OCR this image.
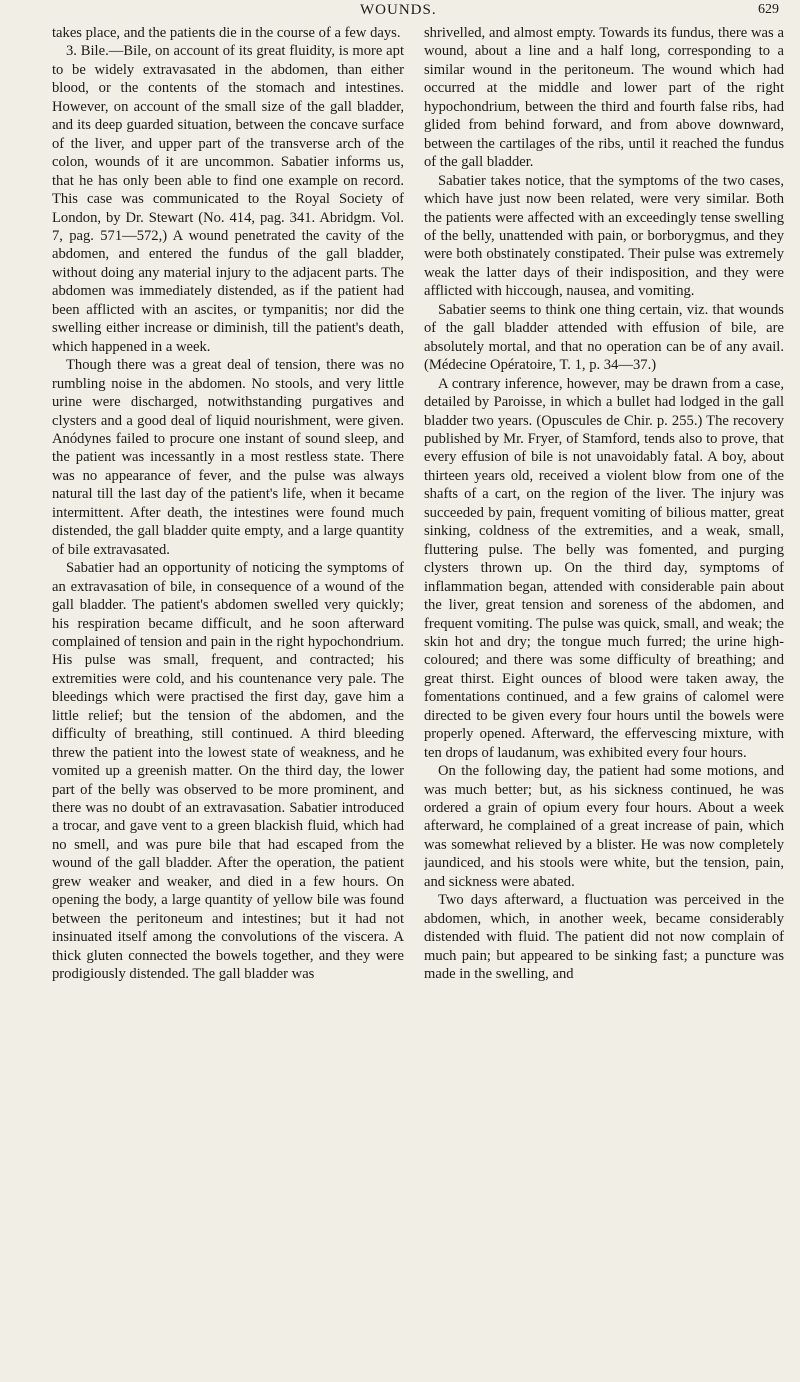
WOUNDS.	629

takes place, and the patients die in the course of a few days.

3. Bile.—Bile, on account of its great fluidity, is more apt to be widely extravasated in the abdomen, than either blood, or the contents of the stomach and intestines. However, on account of the small size of the gall bladder, and its deep guarded situation, between the concave surface of the liver, and upper part of the transverse arch of the colon, wounds of it are uncommon. Sabatier informs us, that he has only been able to find one example on record. This case was communicated to the Royal Society of London, by Dr. Stewart (No. 414, pag. 341. Abridgm. Vol. 7, pag. 571—572,) A wound penetrated the cavity of the abdomen, and entered the fundus of the gall bladder, without doing any material injury to the adjacent parts. The abdomen was immediately distended, as if the patient had been afflicted with an ascites, or tympanitis; nor did the swelling either increase or diminish, till the patient's death, which happened in a week.

Though there was a great deal of tension, there was no rumbling noise in the abdomen. No stools, and very little urine were discharged, notwithstanding purgatives and clysters and a good deal of liquid nourishment, were given. Anódynes failed to procure one instant of sound sleep, and the patient was incessantly in a most restless state. There was no appearance of fever, and the pulse was always natural till the last day of the patient's life, when it became intermittent. After death, the intestines were found much distended, the gall bladder quite empty, and a large quantity of bile extravasated.

Sabatier had an opportunity of noticing the symptoms of an extravasation of bile, in consequence of a wound of the gall bladder. The patient's abdomen swelled very quickly; his respiration became difficult, and he soon afterward complained of tension and pain in the right hypochondrium. His pulse was small, frequent, and contracted; his extremities were cold, and his countenance very pale. The bleedings which were practised the first day, gave him a little relief; but the tension of the abdomen, and the difficulty of breathing, still continued. A third bleeding threw the patient into the lowest state of weakness, and he vomited up a greenish matter. On the third day, the lower part of the belly was observed to be more prominent, and there was no doubt of an extravasation. Sabatier introduced a trocar, and gave vent to a green blackish fluid, which had no smell, and was pure bile that had escaped from the wound of the gall bladder. After the operation, the patient grew weaker and weaker, and died in a few hours. On opening the body, a large quantity of yellow bile was found between the peritoneum and intestines; but it had not insinuated itself among the convolutions of the viscera. A thick gluten connected the bowels together, and they were prodigiously distended. The gall bladder was

shrivelled, and almost empty. Towards its fundus, there was a wound, about a line and a half long, corresponding to a similar wound in the peritoneum. The wound which had occurred at the middle and lower part of the right hypochondrium, between the third and fourth false ribs, had glided from behind forward, and from above downward, between the cartilages of the ribs, until it reached the fundus of the gall bladder.

Sabatier takes notice, that the symptoms of the two cases, which have just now been related, were very similar. Both the patients were affected with an exceedingly tense swelling of the belly, unattended with pain, or borborygmus, and they were both obstinately constipated. Their pulse was extremely weak the latter days of their indisposition, and they were afflicted with hiccough, nausea, and vomiting.

Sabatier seems to think one thing certain, viz. that wounds of the gall bladder attended with effusion of bile, are absolutely mortal, and that no operation can be of any avail. (Médecine Opératoire, T. 1, p. 34—37.)

A contrary inference, however, may be drawn from a case, detailed by Paroisse, in which a bullet had lodged in the gall bladder two years. (Opuscules de Chir. p. 255.) The recovery published by Mr. Fryer, of Stamford, tends also to prove, that every effusion of bile is not unavoidably fatal. A boy, about thirteen years old, received a violent blow from one of the shafts of a cart, on the region of the liver. The injury was succeeded by pain, frequent vomiting of bilious matter, great sinking, coldness of the extremities, and a weak, small, fluttering pulse. The belly was fomented, and purging clysters thrown up. On the third day, symptoms of inflammation began, attended with considerable pain about the liver, great tension and soreness of the abdomen, and frequent vomiting. The pulse was quick, small, and weak; the skin hot and dry; the tongue much furred; the urine high-coloured; and there was some difficulty of breathing; and great thirst. Eight ounces of blood were taken away, the fomentations continued, and a few grains of calomel were directed to be given every four hours until the bowels were properly opened. Afterward, the effervescing mixture, with ten drops of laudanum, was exhibited every four hours.

On the following day, the patient had some motions, and was much better; but, as his sickness continued, he was ordered a grain of opium every four hours. About a week afterward, he complained of a great increase of pain, which was somewhat relieved by a blister. He was now completely jaundiced, and his stools were white, but the tension, pain, and sickness were abated.

Two days afterward, a fluctuation was perceived in the abdomen, which, in another week, became considerably distended with fluid. The patient did not now complain of much pain; but appeared to be sinking fast; a puncture was made in the swelling, and
